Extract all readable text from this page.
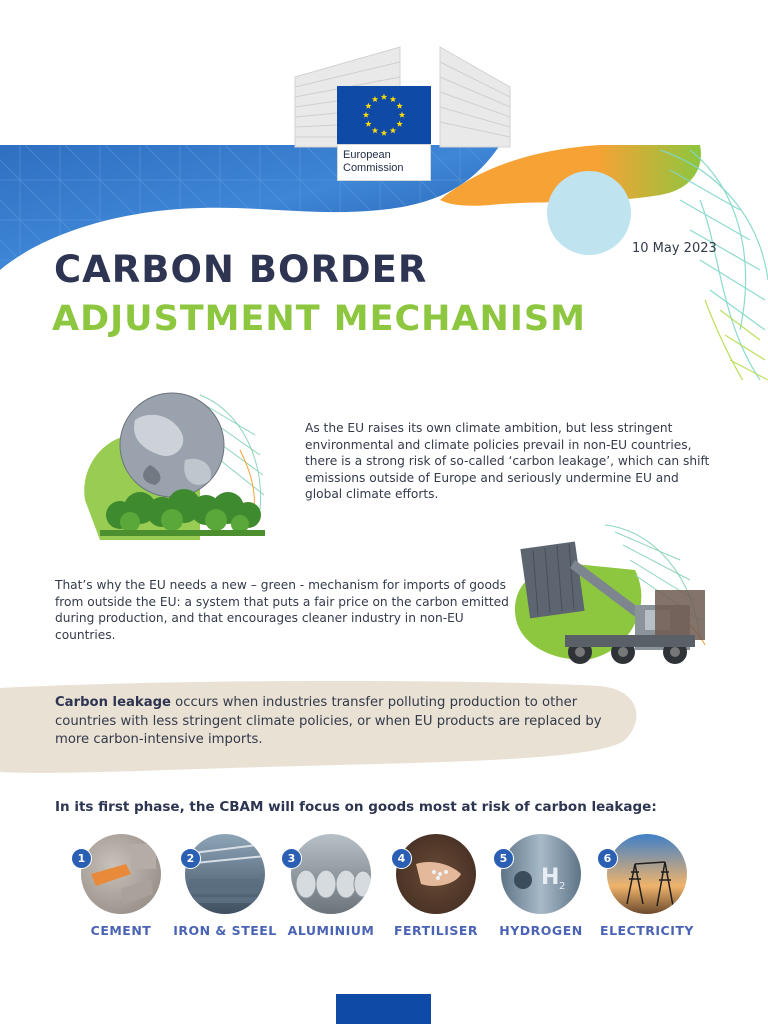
European
Commission
10 May 2023
CARBON BORDER
ADJUSTMENT MECHANISM
As the EU raises its own climate ambition, but less stringent environmental and climate policies prevail in non-EU countries, there is a strong risk of so-called ‘carbon leakage’, which can shift emissions outside of Europe and seriously undermine EU and global climate efforts.
That’s why the EU needs a new – green - mechanism for imports of goods from outside the EU: a system that puts a fair price on the carbon emitted during production, and that encourages cleaner industry in non-EU countries.
Carbon leakage occurs when industries transfer polluting production to other countries with less stringent climate policies, or when EU products are replaced by more carbon-intensive imports.
In its first phase, the CBAM will focus on goods most at risk of carbon leakage:
1
CEMENT
2
IRON & STEEL
3
ALUMINIUM
4
FERTILISER
H 2
5
HYDROGEN
6
ELECTRICITY
